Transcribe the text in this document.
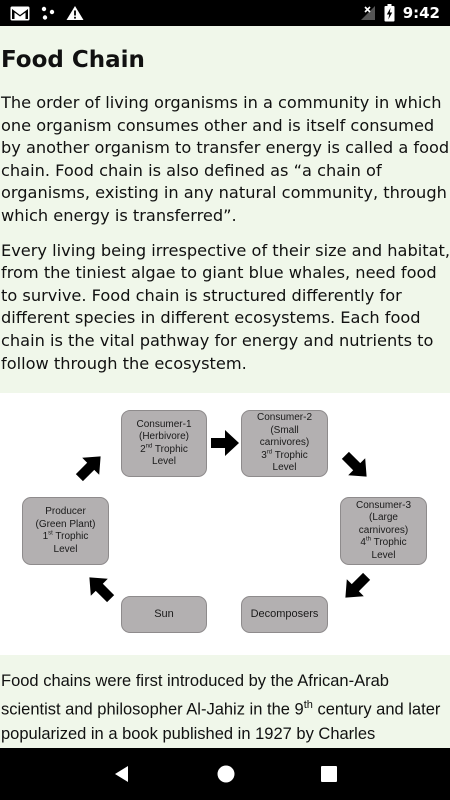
9:42
Food Chain

The order of living organisms in a community in which one organism consumes other and is itself consumed by another organism to transfer energy is called a food chain. Food chain is also defined as “a chain of organisms, existing in any natural community, through which energy is transferred”.

Every living being irrespective of their size and habitat, from the tiniest algae to giant blue whales, need food to survive. Food chain is structured differently for different species in different ecosystems. Each food chain is the vital pathway for energy and nutrients to follow through the ecosystem.

Consumer-1
(Herbivore)
2nd Trophic
Level
Consumer-2
(Small
carnivores)
3rd Trophic
Level
Producer
(Green Plant)
1st Trophic
Level
Consumer-3
(Large
carnivores)
4th Trophic
Level
Sun	Decomposers

Food chains were first introduced by the African-Arab scientist and philosopher Al-Jahiz in the 9th century and later popularized in a book published in 1927 by Charles
